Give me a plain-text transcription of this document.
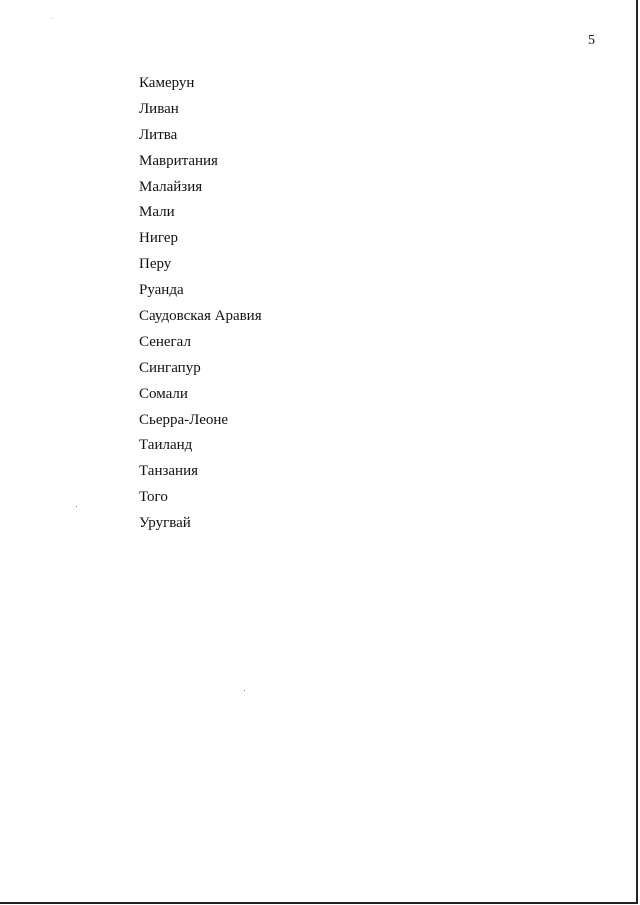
5
Камерун
Ливан
Литва
Мавритания
Малайзия
Мали
Нигер
Перу
Руанда
Саудовская Аравия
Сенегал
Сингапур
Сомали
Сьерра-Леоне
Таиланд
Танзания
Того
Уругвай
